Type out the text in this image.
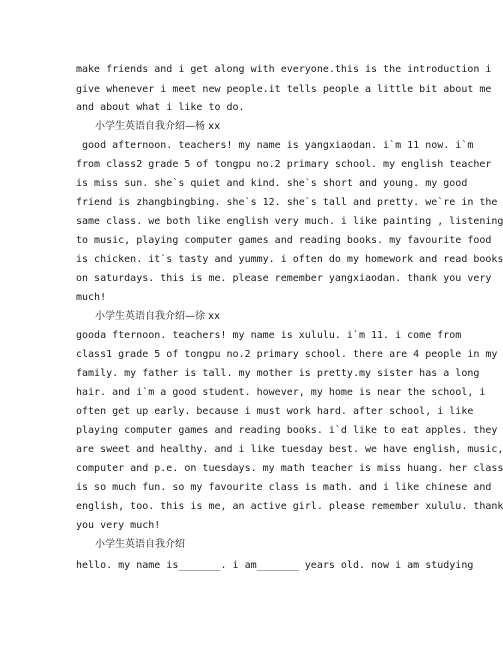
make friends and i get along with everyone.this is the introduction i
give whenever i meet new people.it tells people a little bit about me
and about what i like to do.
小学生英语自我介绍—杨 xx
good afternoon. teachers! my name is yangxiaodan. i`m 11 now. i`m
from class2 grade 5 of tongpu no.2 primary school. my english teacher
is miss sun. she`s quiet and kind. she`s short and young. my good
friend is zhangbingbing. she`s 12. she`s tall and pretty. we`re in the
same class. we both like english very much. i like painting , listening
to music, playing computer games and reading books. my favourite food
is chicken. it`s tasty and yummy. i often do my homework and read books
on saturdays. this is me. please remember yangxiaodan. thank you very
much!
小学生英语自我介绍—徐 xx
gooda fternoon. teachers! my name is xululu. i`m 11. i come from
class1 grade 5 of tongpu no.2 primary school. there are 4 people in my
family. my father is tall. my mother is pretty.my sister has a long
hair. and i`m a good student. however, my home is near the school, i
often get up early. because i must work hard. after school, i like
playing computer games and reading books. i`d like to eat apples. they
are sweet and healthy. and i like tuesday best. we have english, music,
computer and p.e. on tuesdays. my math teacher is miss huang. her class
is so much fun. so my favourite class is math. and i like chinese and
english, too. this is me, an active girl. please remember xululu. thank
you very much!
小学生英语自我介绍
hello. my name is_______. i am_______ years old. now i am studying
